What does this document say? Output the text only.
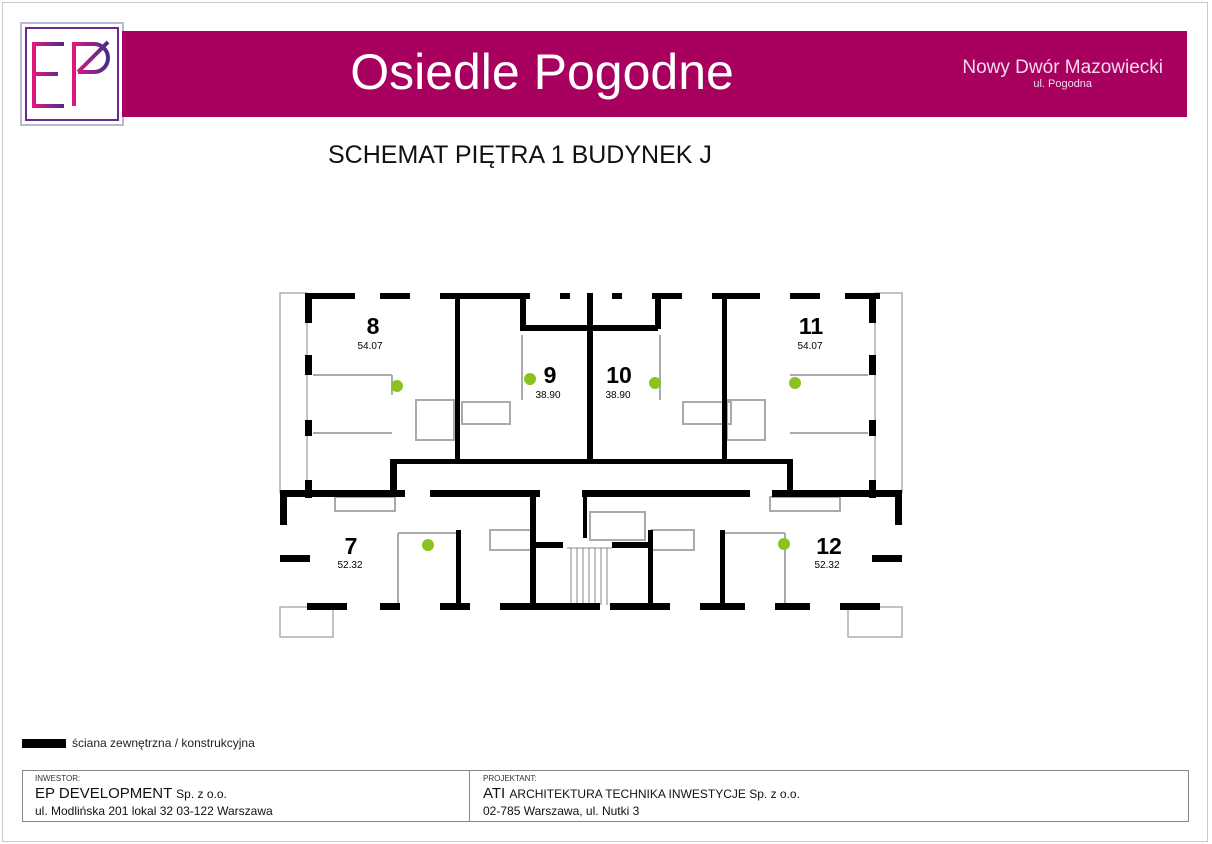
Osiedle Pogodne	Nowy Dwór Mazowiecki
ul. Pogodna
SCHEMAT PIĘTRA 1 BUDYNEK J
8
54.07
9
38.90
10
38.90
11
54.07
7
52.32
12
52.32
ściana zewnętrzna / konstrukcyjna
INWESTOR:
EP DEVELOPMENT Sp. z o.o.
ul. Modlińska 201 lokal 32 03-122 Warszawa
PROJEKTANT:
ATI ARCHITEKTURA TECHNIKA INWESTYCJE Sp. z o.o.
02-785 Warszawa, ul. Nutki 3
